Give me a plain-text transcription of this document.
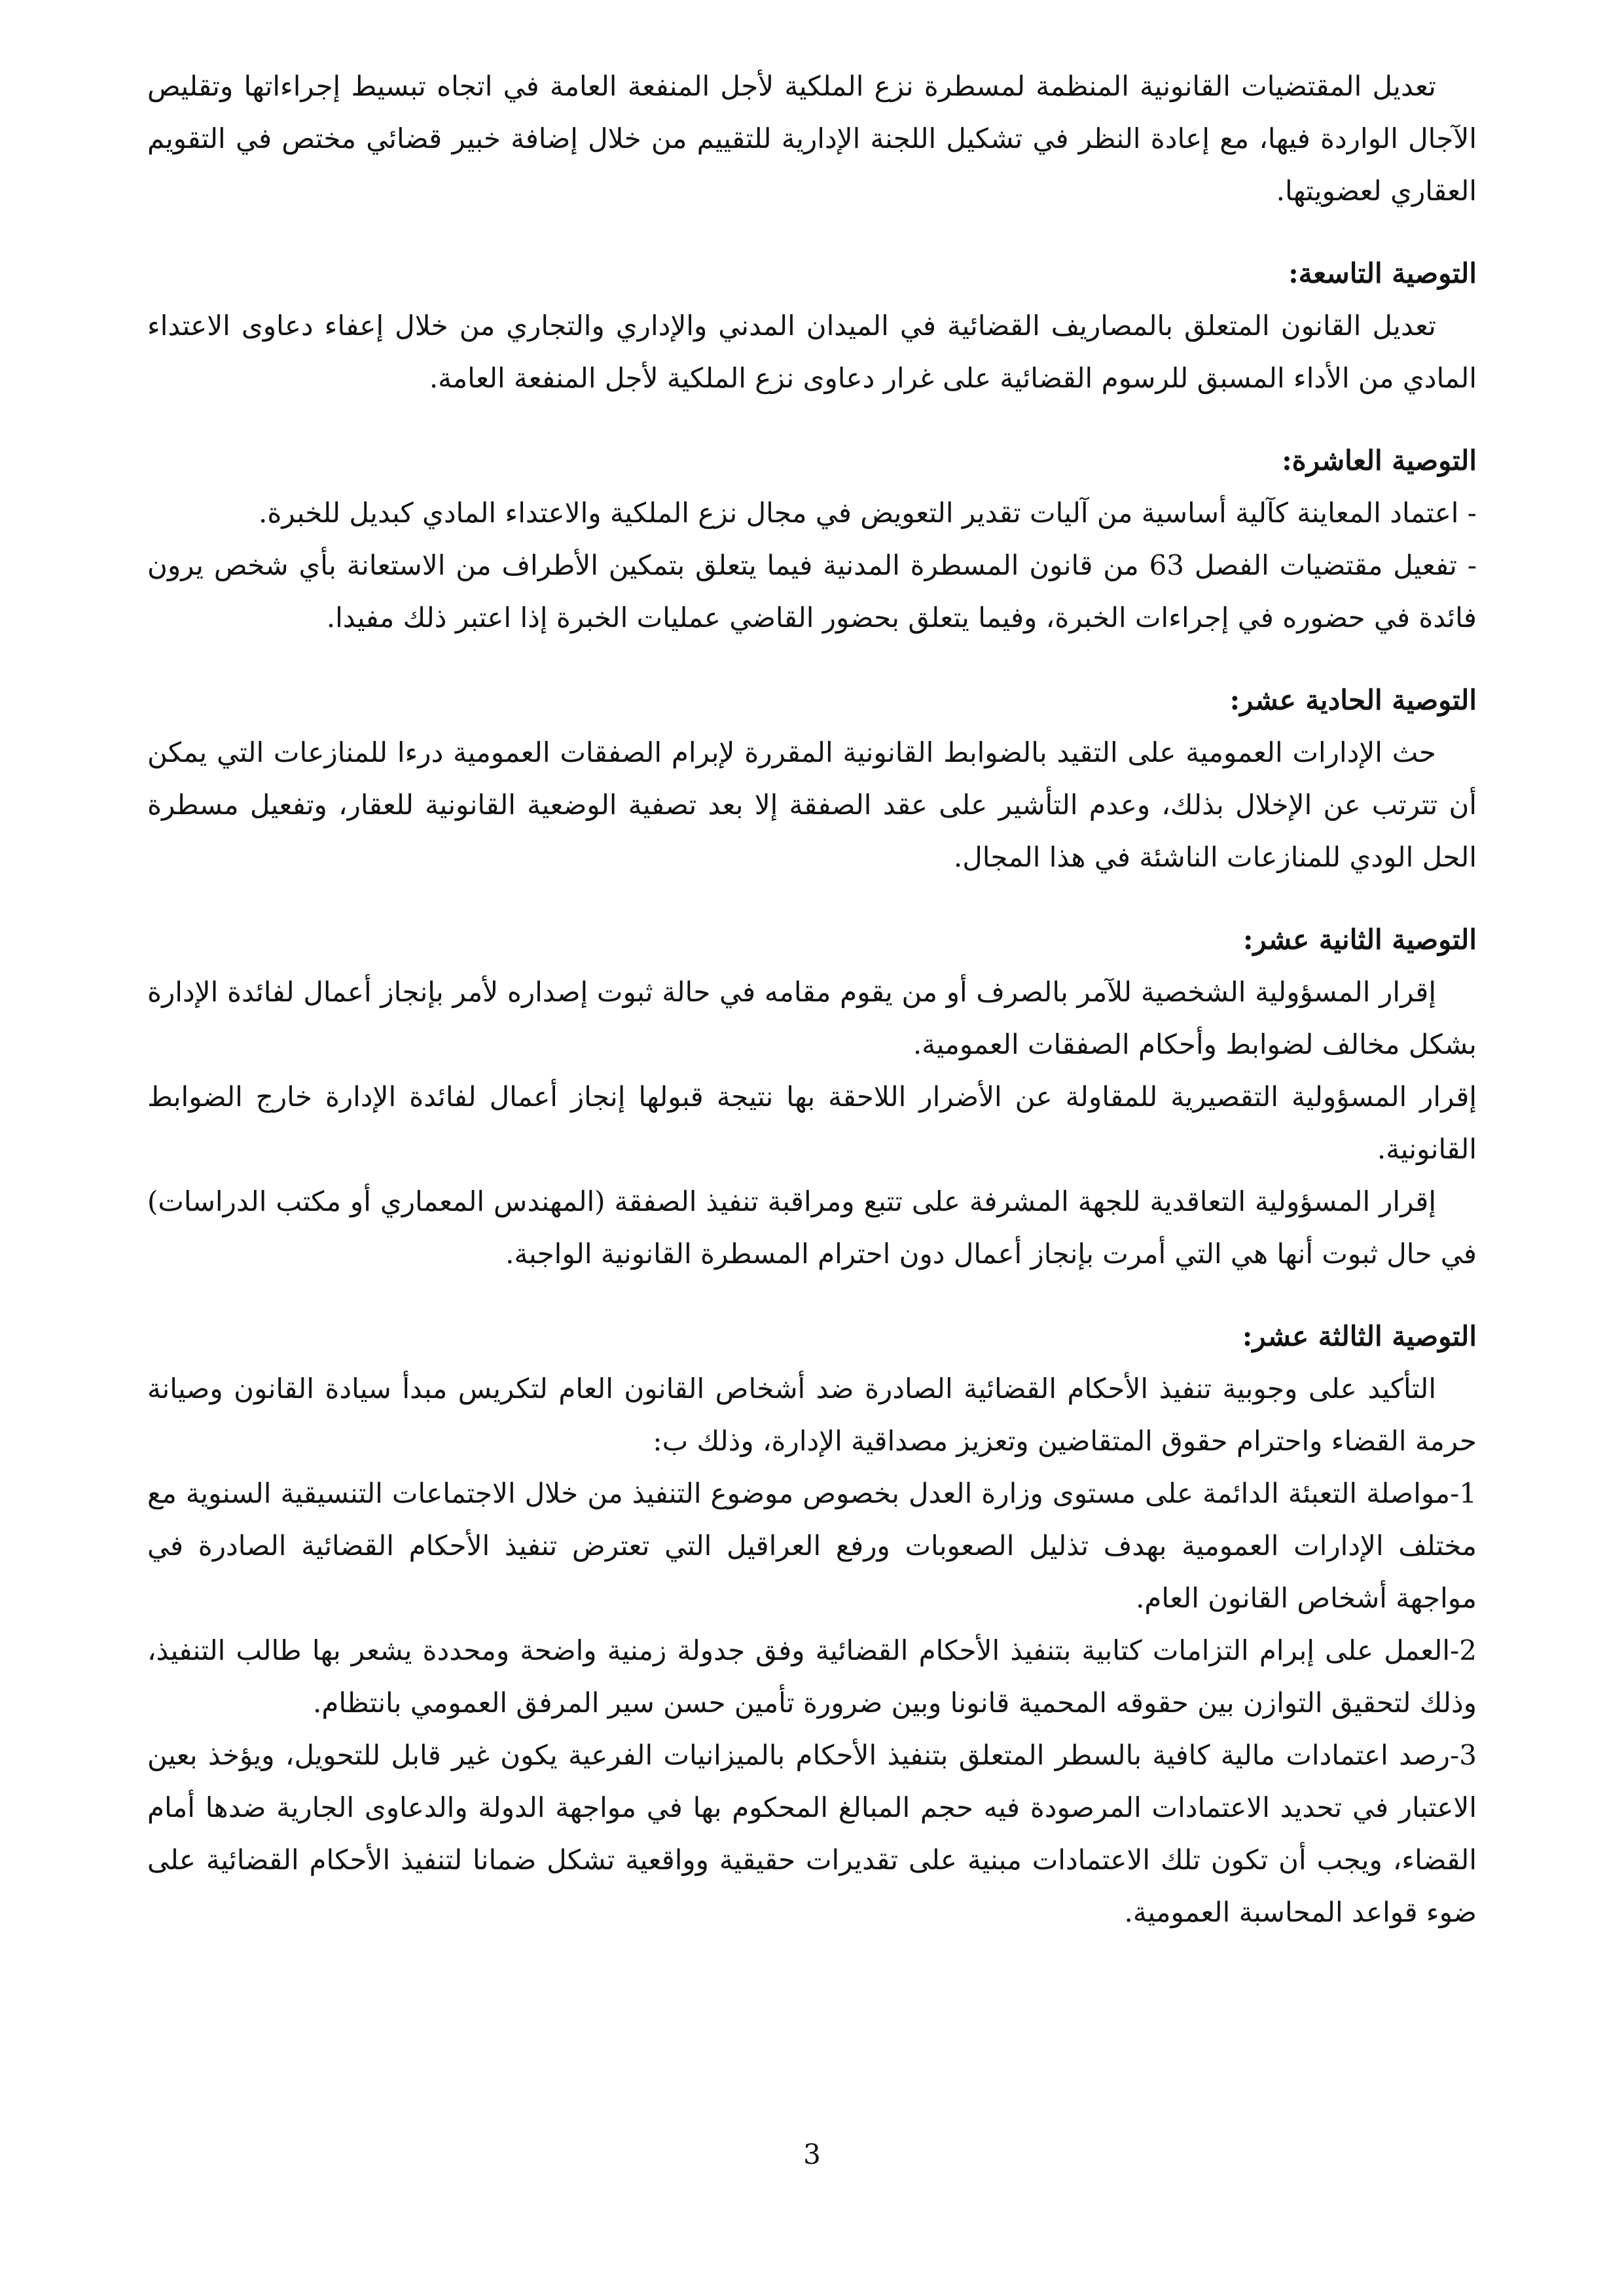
تعديل المقتضيات القانونية المنظمة لمسطرة نزع الملكية لأجل المنفعة العامة في اتجاه تبسيط إجراءاتها وتقليص الآجال الواردة فيها، مع إعادة النظر في تشكيل اللجنة الإدارية للتقييم من خلال إضافة خبير قضائي مختص في التقويم العقاري لعضويتها.

التوصية التاسعة:

تعديل القانون المتعلق بالمصاريف القضائية في الميدان المدني والإداري والتجاري من خلال إعفاء دعاوى الاعتداء المادي من الأداء المسبق للرسوم القضائية على غرار دعاوى نزع الملكية لأجل المنفعة العامة.

التوصية العاشرة:

- اعتماد المعاينة كآلية أساسية من آليات تقدير التعويض في مجال نزع الملكية والاعتداء المادي كبديل للخبرة.

- تفعيل مقتضيات الفصل 63 من قانون المسطرة المدنية فيما يتعلق بتمكين الأطراف من الاستعانة بأي شخص يرون فائدة في حضوره في إجراءات الخبرة، وفيما يتعلق بحضور القاضي عمليات الخبرة إذا اعتبر ذلك مفيدا.

التوصية الحادية عشر:

حث الإدارات العمومية على التقيد بالضوابط القانونية المقررة لإبرام الصفقات العمومية درءا للمنازعات التي يمكن أن تترتب عن الإخلال بذلك، وعدم التأشير على عقد الصفقة إلا بعد تصفية الوضعية القانونية للعقار، وتفعيل مسطرة الحل الودي للمنازعات الناشئة في هذا المجال.

التوصية الثانية عشر:

إقرار المسؤولية الشخصية للآمر بالصرف أو من يقوم مقامه في حالة ثبوت إصداره لأمر بإنجاز أعمال لفائدة الإدارة بشكل مخالف لضوابط وأحكام الصفقات العمومية.

إقرار المسؤولية التقصيرية للمقاولة عن الأضرار اللاحقة بها نتيجة قبولها إنجاز أعمال لفائدة الإدارة خارج الضوابط القانونية.

إقرار المسؤولية التعاقدية للجهة المشرفة على تتبع ومراقبة تنفيذ الصفقة (المهندس المعماري أو مكتب الدراسات) في حال ثبوت أنها هي التي أمرت بإنجاز أعمال دون احترام المسطرة القانونية الواجبة.

التوصية الثالثة عشر:

التأكيد على وجوبية تنفيذ الأحكام القضائية الصادرة ضد أشخاص القانون العام لتكريس مبدأ سيادة القانون وصيانة حرمة القضاء واحترام حقوق المتقاضين وتعزيز مصداقية الإدارة، وذلك ب:

1-مواصلة التعبئة الدائمة على مستوى وزارة العدل بخصوص موضوع التنفيذ من خلال الاجتماعات التنسيقية السنوية مع مختلف الإدارات العمومية بهدف تذليل الصعوبات ورفع العراقيل التي تعترض تنفيذ الأحكام القضائية الصادرة في مواجهة أشخاص القانون العام.

2-العمل على إبرام التزامات كتابية بتنفيذ الأحكام القضائية وفق جدولة زمنية واضحة ومحددة يشعر بها طالب التنفيذ، وذلك لتحقيق التوازن بين حقوقه المحمية قانونا وبين ضرورة تأمين حسن سير المرفق العمومي بانتظام.

3-رصد اعتمادات مالية كافية بالسطر المتعلق بتنفيذ الأحكام بالميزانيات الفرعية يكون غير قابل للتحويل، ويؤخذ بعين الاعتبار في تحديد الاعتمادات المرصودة فيه حجم المبالغ المحكوم بها في مواجهة الدولة والدعاوى الجارية ضدها أمام القضاء، ويجب أن تكون تلك الاعتمادات مبنية على تقديرات حقيقية وواقعية تشكل ضمانا لتنفيذ الأحكام القضائية على ضوء قواعد المحاسبة العمومية.

3
